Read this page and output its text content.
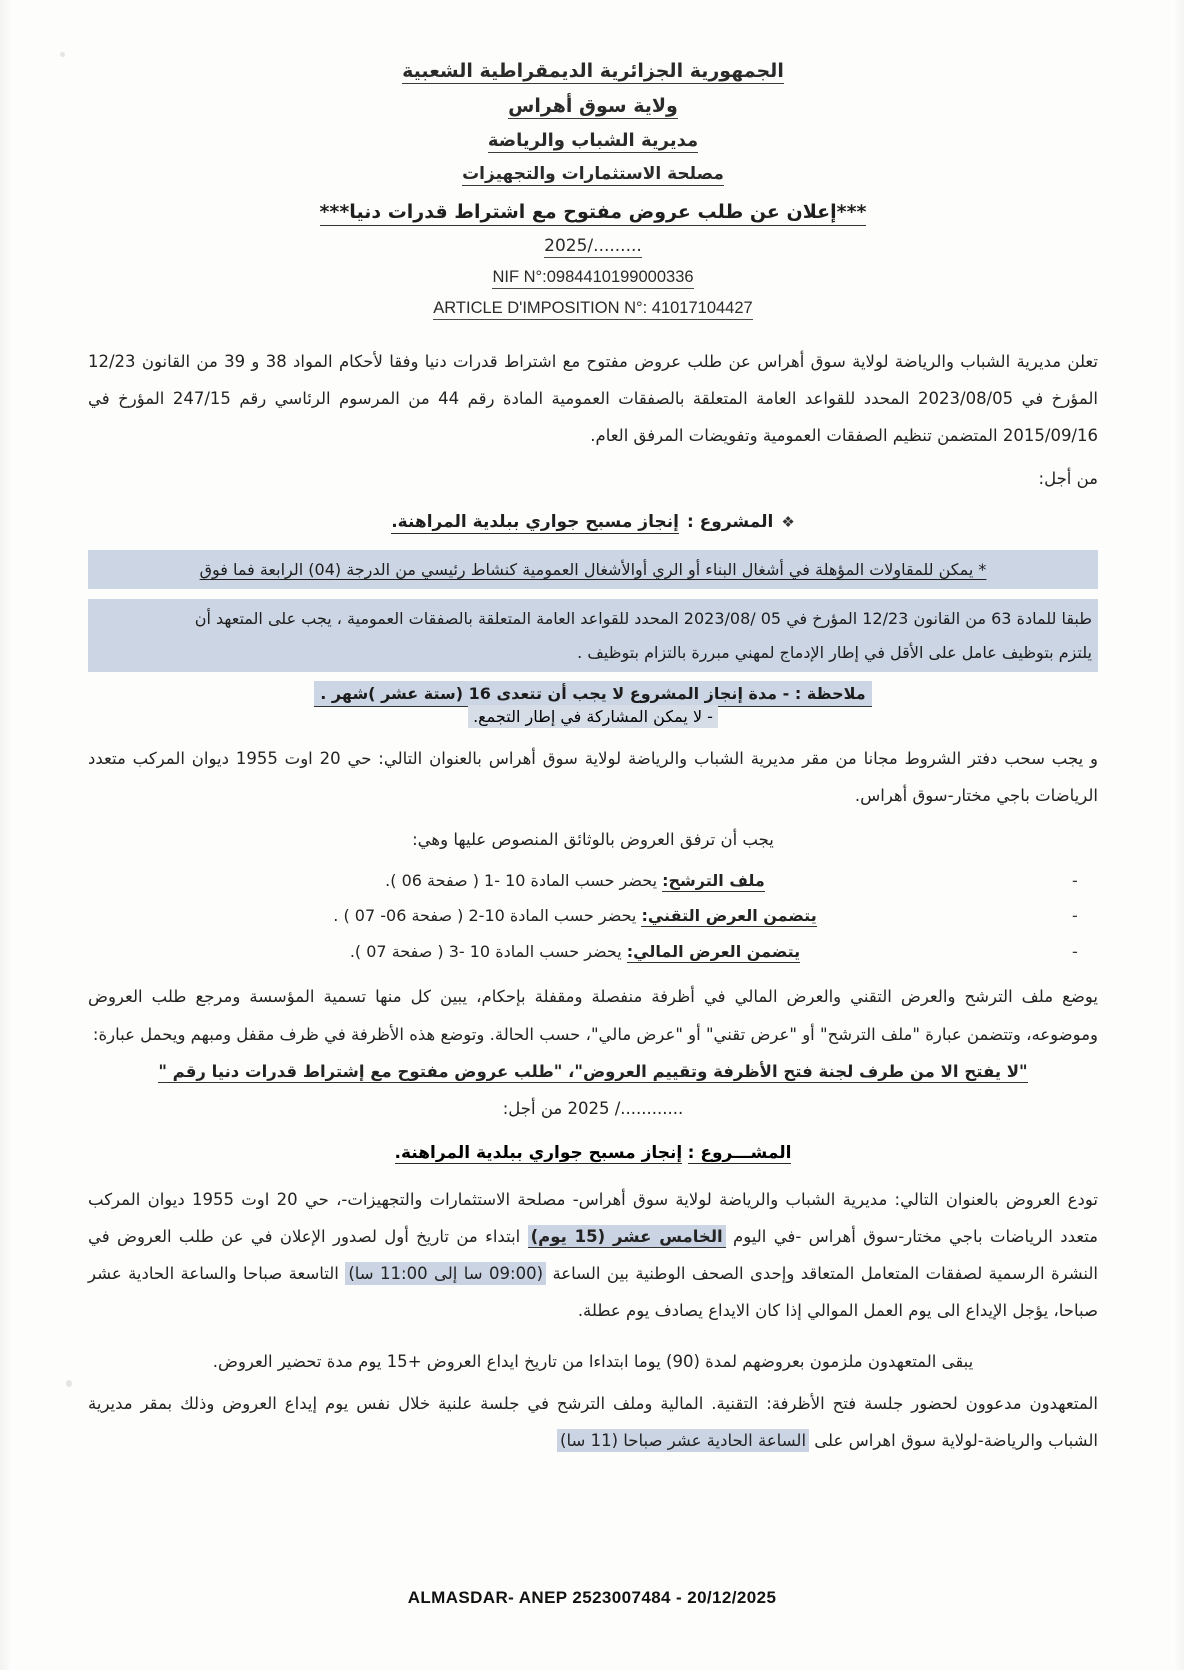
الجمهورية الجزائرية الديمقراطية الشعبية
ولاية سوق أهراس
مديرية الشباب والرياضة
مصلحة الاستثمارات والتجهيزات
***إعلان عن طلب عروض مفتوح مع اشتراط قدرات دنيا***
2025/.........
NIF N°:0984410199000336
ARTICLE D'IMPOSITION N°: 41017104427

تعلن مديرية الشباب والرياضة لولاية سوق أهراس عن طلب عروض مفتوح مع اشتراط قدرات دنيا وفقا لأحكام المواد 38 و 39 من القانون 12/23 المؤرخ في 2023/08/05 المحدد للقواعد العامة المتعلقة بالصفقات العمومية المادة رقم 44 من المرسوم الرئاسي رقم 247/15 المؤرخ في 2015/09/16 المتضمن تنظيم الصفقات العمومية وتفويضات المرفق العام.

من أجل:

❖
المشروع :
إنجاز مسبح جواري ببلدية المراهنة.
* يمكن للمقاولات المؤهلة في أشغال البناء أو الري أوالأشغال العمومية كنشاط رئيسي من الدرجة (04) الرابعة فما فوق
طبقا للمادة 63 من القانون 12/23 المؤرخ في 05 /2023/08 المحدد للقواعد العامة المتعلقة بالصفقات العمومية ، يجب على المتعهد أن
يلتزم بتوظيف عامل على الأقل في إطار الإدماج لمهني مبررة بالتزام بتوظيف .
ملاحظة : - مدة إنجاز المشروع لا يجب أن تتعدى 16 (ستة عشر )شهر .
- لا يمكن المشاركة في إطار التجمع.

و يجب سحب دفتر الشروط مجانا من مقر مديرية الشباب والرياضة لولاية سوق أهراس بالعنوان التالي: حي 20 اوت 1955 ديوان المركب متعدد الرياضات باجي مختار-سوق أهراس.

يجب أن ترفق العروض بالوثائق المنصوص عليها وهي:

-
ملف الترشح: يحضر حسب المادة 10 -1 ( صفحة 06 ).
-
يتضمن العرض التقني: يحضر حسب المادة 10-2 ( صفحة 06- 07 ) .
-
يتضمن العرض المالي: يحضر حسب المادة 10 -3 ( صفحة 07 ).

يوضع ملف الترشح والعرض التقني والعرض المالي في أظرفة منفصلة ومقفلة بإحكام، يبين كل منها تسمية المؤسسة ومرجع طلب العروض وموضوعه، وتتضمن عبارة "ملف الترشح" أو "عرض تقني" أو "عرض مالي"، حسب الحالة. وتوضع هذه الأظرفة في ظرف مقفل ومبهم ويحمل عبارة:

"لا يفتح الا من طرف لجنة فتح الأظرفة وتقييم العروض"، "طلب عروض مفتوح مع إشتراط قدرات دنيا رقم "

............/ 2025 من أجل:

المشـــروع : إنجاز مسبح جواري ببلدية المراهنة.

تودع العروض بالعنوان التالي: مديرية الشباب والرياضة لولاية سوق أهراس- مصلحة الاستثمارات والتجهيزات-، حي 20 اوت 1955 ديوان المركب متعدد الرياضات باجي مختار-سوق أهراس -في اليوم الخامس عشر (15 يوم) ابتداء من تاريخ أول لصدور الإعلان في عن طلب العروض في النشرة الرسمية لصفقات المتعامل المتعاقد وإحدى الصحف الوطنية بين الساعة (09:00 سا إلى 11:00 سا) التاسعة صباحا والساعة الحادية عشر صباحا، يؤجل الإيداع الى يوم العمل الموالي إذا كان الايداع يصادف يوم عطلة.

يبقى المتعهدون ملزمون بعروضهم لمدة (90) يوما ابتداءا من تاريخ ايداع العروض +15 يوم مدة تحضير العروض.

المتعهدون مدعوون لحضور جلسة فتح الأظرفة: التقنية. المالية وملف الترشح في جلسة علنية خلال نفس يوم إيداع العروض وذلك بمقر مديرية الشباب والرياضة-لولاية سوق اهراس على الساعة الحادية عشر صباحا (11 سا)

ALMASDAR- ANEP 2523007484 - 20/12/2025
